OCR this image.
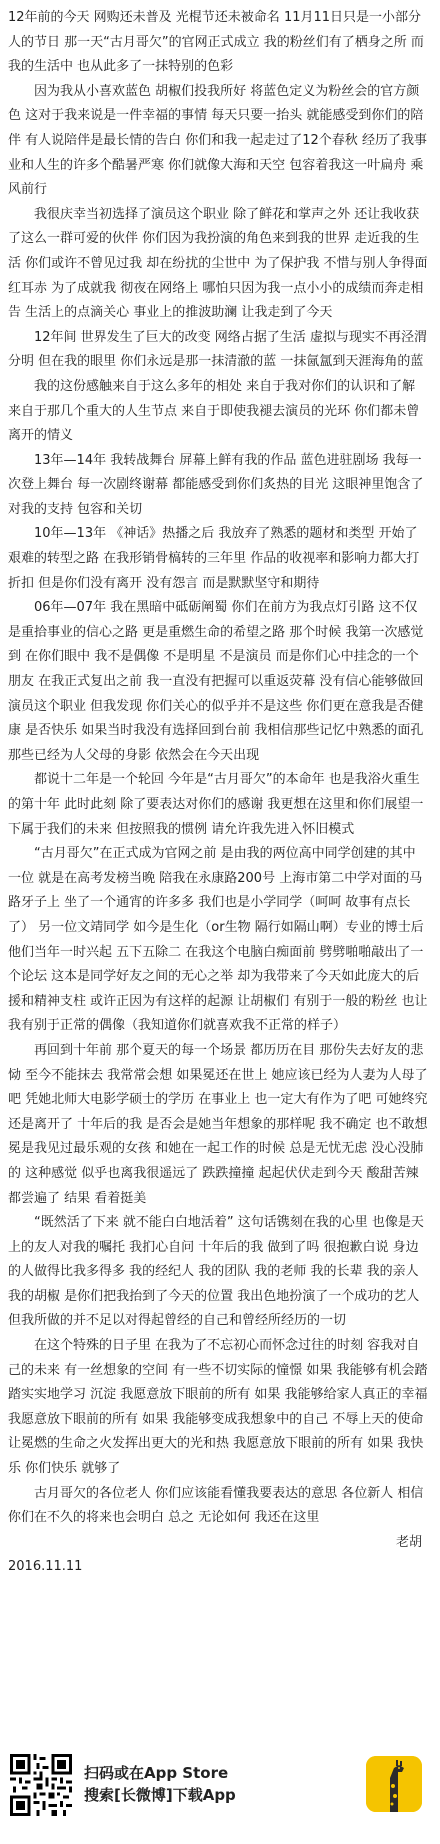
12年前的今天 网购还未普及 光棍节还未被命名 11月11日只是一小部分人的节日 那一天“古月哥欠”的官网正式成立 我的粉丝们有了栖身之所 而我的生活中 也从此多了一抹特别的色彩

因为我从小喜欢蓝色 胡椒们投我所好 将蓝色定义为粉丝会的官方颜色 这对于我来说是一件幸福的事情 每天只要一抬头 就能感受到你们的陪伴 有人说陪伴是最长情的告白 你们和我一起走过了12个春秋 经历了我事业和人生的许多个酷暑严寒 你们就像大海和天空 包容着我这一叶扁舟 乘风前行

我很庆幸当初选择了演员这个职业 除了鲜花和掌声之外 还让我收获了这么一群可爱的伙伴 你们因为我扮演的角色来到我的世界 走近我的生活 你们或许不曾见过我 却在纷扰的尘世中 为了保护我 不惜与别人争得面红耳赤 为了成就我 彻夜在网络上 哪怕只因为我一点小小的成绩而奔走相告 生活上的点滴关心 事业上的推波助澜 让我走到了今天

12年间 世界发生了巨大的改变 网络占据了生活 虚拟与现实不再泾渭分明 但在我的眼里 你们永远是那一抹清澈的蓝 一抹氤氲到天涯海角的蓝

我的这份感触来自于这么多年的相处 来自于我对你们的认识和了解 来自于那几个重大的人生节点 来自于即使我褪去演员的光环 你们都未曾离开的情义

13年—14年 我转战舞台 屏幕上鲜有我的作品 蓝色进驻剧场 我每一次登上舞台 每一次剧终谢幕 都能感受到你们炙热的目光 这眼神里饱含了对我的支持 包容和关切

10年—13年 《神话》热播之后 我放弃了熟悉的题材和类型 开始了艰难的转型之路 在我形销骨槁转的三年里 作品的收视率和影响力都大打折扣 但是你们没有离开 没有怨言 而是默默坚守和期待

06年—07年 我在黑暗中砥砺阐蜀 你们在前方为我点灯引路 这不仅是重拾事业的信心之路 更是重燃生命的希望之路 那个时候 我第一次感觉到 在你们眼中 我不是偶像 不是明星 不是演员 而是你们心中挂念的一个朋友 在我正式复出之前 我一直没有把握可以重返荧幕 没有信心能够做回演员这个职业 但我发现 你们关心的似乎并不是这些 你们更在意我是否健康 是否快乐 如果当时我没有选择回到台前 我相信那些记忆中熟悉的面孔 那些已经为人父母的身影 依然会在今天出现

都说十二年是一个轮回 今年是“古月哥欠”的本命年 也是我浴火重生的第十年 此时此刻 除了要表达对你们的感谢 我更想在这里和你们展望一下属于我们的未来 但按照我的惯例 请允许我先进入怀旧模式

“古月哥欠”在正式成为官网之前 是由我的两位高中同学创建的其中一位 就是在高考发榜当晚 陪我在永康路200号 上海市第二中学对面的马路牙子上 坐了一个通宵的许多多 我们也是小学同学（呵呵 故事有点长了） 另一位文靖同学 如今是生化（or生物 隔行如隔山啊）专业的博士后 他们当年一时兴起 五下五除二 在我这个电脑白痴面前 劈劈啪啪敲出了一个论坛 这本是同学好友之间的无心之举 却为我带来了今天如此庞大的后援和精神支柱 或许正因为有这样的起源 让胡椒们 有别于一般的粉丝 也让我有别于正常的偶像（我知道你们就喜欢我不正常的样子）

再回到十年前 那个夏天的每一个场景 都历历在目 那份失去好友的悲恸 至今不能抹去 我常常会想 如果冕还在世上 她应该已经为人妻为人母了吧 凭她北师大电影学硕士的学历 在事业上 也一定大有作为了吧 可她终究还是离开了 十年后的我 是否会是她当年想象的那样呢 我不确定 也不敢想 冕是我见过最乐观的女孩 和她在一起工作的时候 总是无忧无虑 没心没肺的 这种感觉 似乎也离我很遥远了 跌跌撞撞 起起伏伏走到今天 酸甜苦辣都尝遍了 结果 看着挺美

“既然活了下来 就不能白白地活着” 这句话镌刻在我的心里 也像是天上的友人对我的嘱托 我扪心自问 十年后的我 做到了吗 很抱歉白说 身边的人做得比我多得多 我的经纪人 我的团队 我的老师 我的长辈 我的亲人 我的胡椒 是你们把我抬到了今天的位置 我出色地扮演了一个成功的艺人 但我所做的并不足以对得起曾经的自己和曾经所经历的一切

在这个特殊的日子里 在我为了不忘初心而怀念过往的时刻 容我对自己的未来 有一丝想象的空间 有一些不切实际的憧憬 如果 我能够有机会踏踏实实地学习 沉淀 我愿意放下眼前的所有 如果 我能够给家人真正的幸福 我愿意放下眼前的所有 如果 我能够变成我想象中的自己 不辱上天的使命 让冕燃的生命之火发挥出更大的光和热 我愿意放下眼前的所有 如果 我快乐 你们快乐 就够了

古月哥欠的各位老人 你们应该能看懂我要表达的意思 各位新人 相信你们在不久的将来也会明白 总之 无论如何 我还在这里

老胡

2016.11.11

扫码或在App Store
搜索[长微博]下载App
